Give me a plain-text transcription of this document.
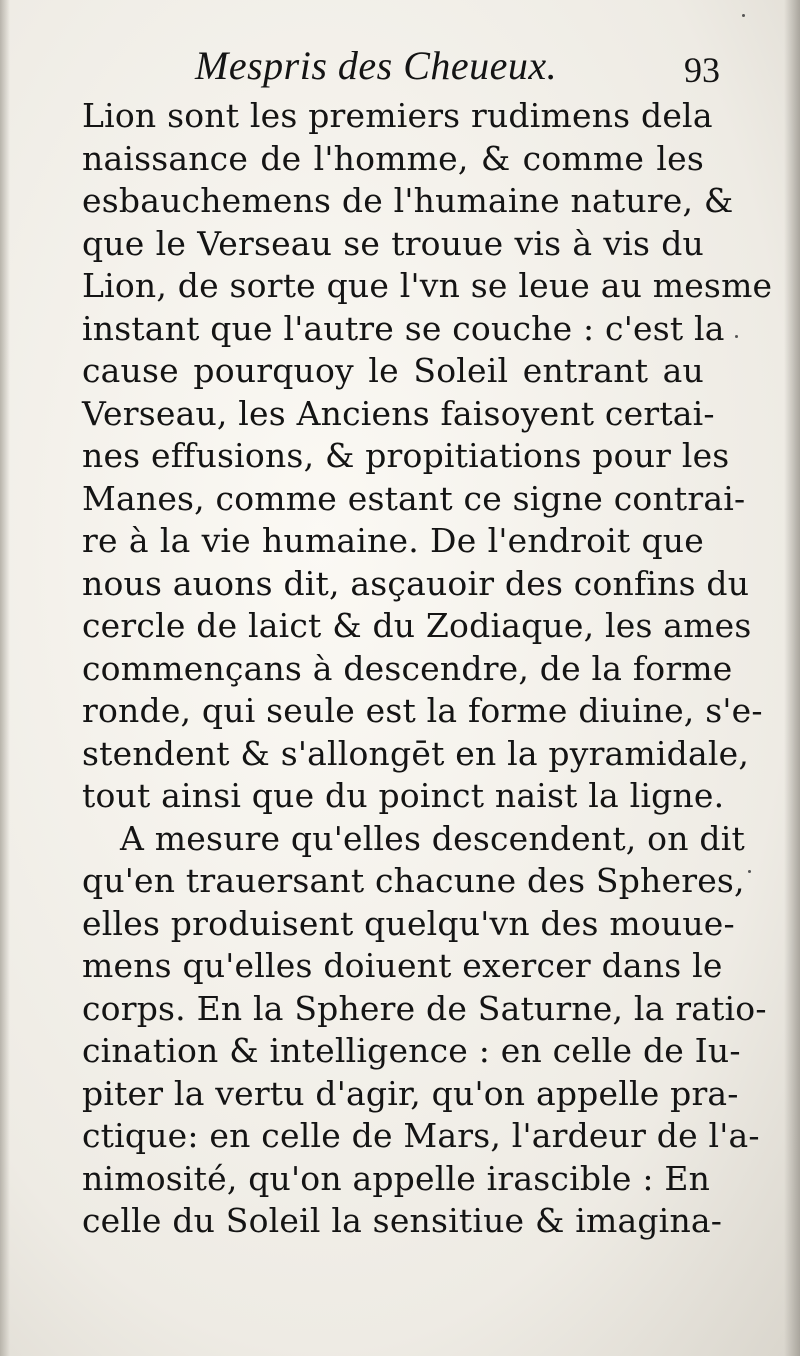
Mespris des Cheueux.	93
Lion sont les premiers rudimens dela
naissance de l'homme, & comme les
esbauchemens de l'humaine nature, &
que le Verseau se trouue vis à vis du
Lion, de sorte que l'vn se leue au mesme
instant que l'autre se couche : c'est la
cause pourquoy le Soleil entrant au
Verseau, les Anciens faisoyent certai-
nes effusions, & propitiations pour les
Manes, comme estant ce signe contrai-
re à la vie humaine. De l'endroit que
nous auons dit, asçauoir des confins du
cercle de laict & du Zodiaque, les ames
commençans à descendre, de la forme
ronde, qui seule est la forme diuine, s'e-
stendent & s'allongēt en la pyramidale,
tout ainsi que du poinct naist la ligne.
A mesure qu'elles descendent, on dit
qu'en trauersant chacune des Spheres,
elles produisent quelqu'vn des mouue-
mens qu'elles doiuent exercer dans le
corps. En la Sphere de Saturne, la ratio-
cination & intelligence : en celle de Iu-
piter la vertu d'agir, qu'on appelle pra-
ctique: en celle de Mars, l'ardeur de l'a-
nimosité, qu'on appelle irascible : En
celle du Soleil la sensitiue & imagina-
